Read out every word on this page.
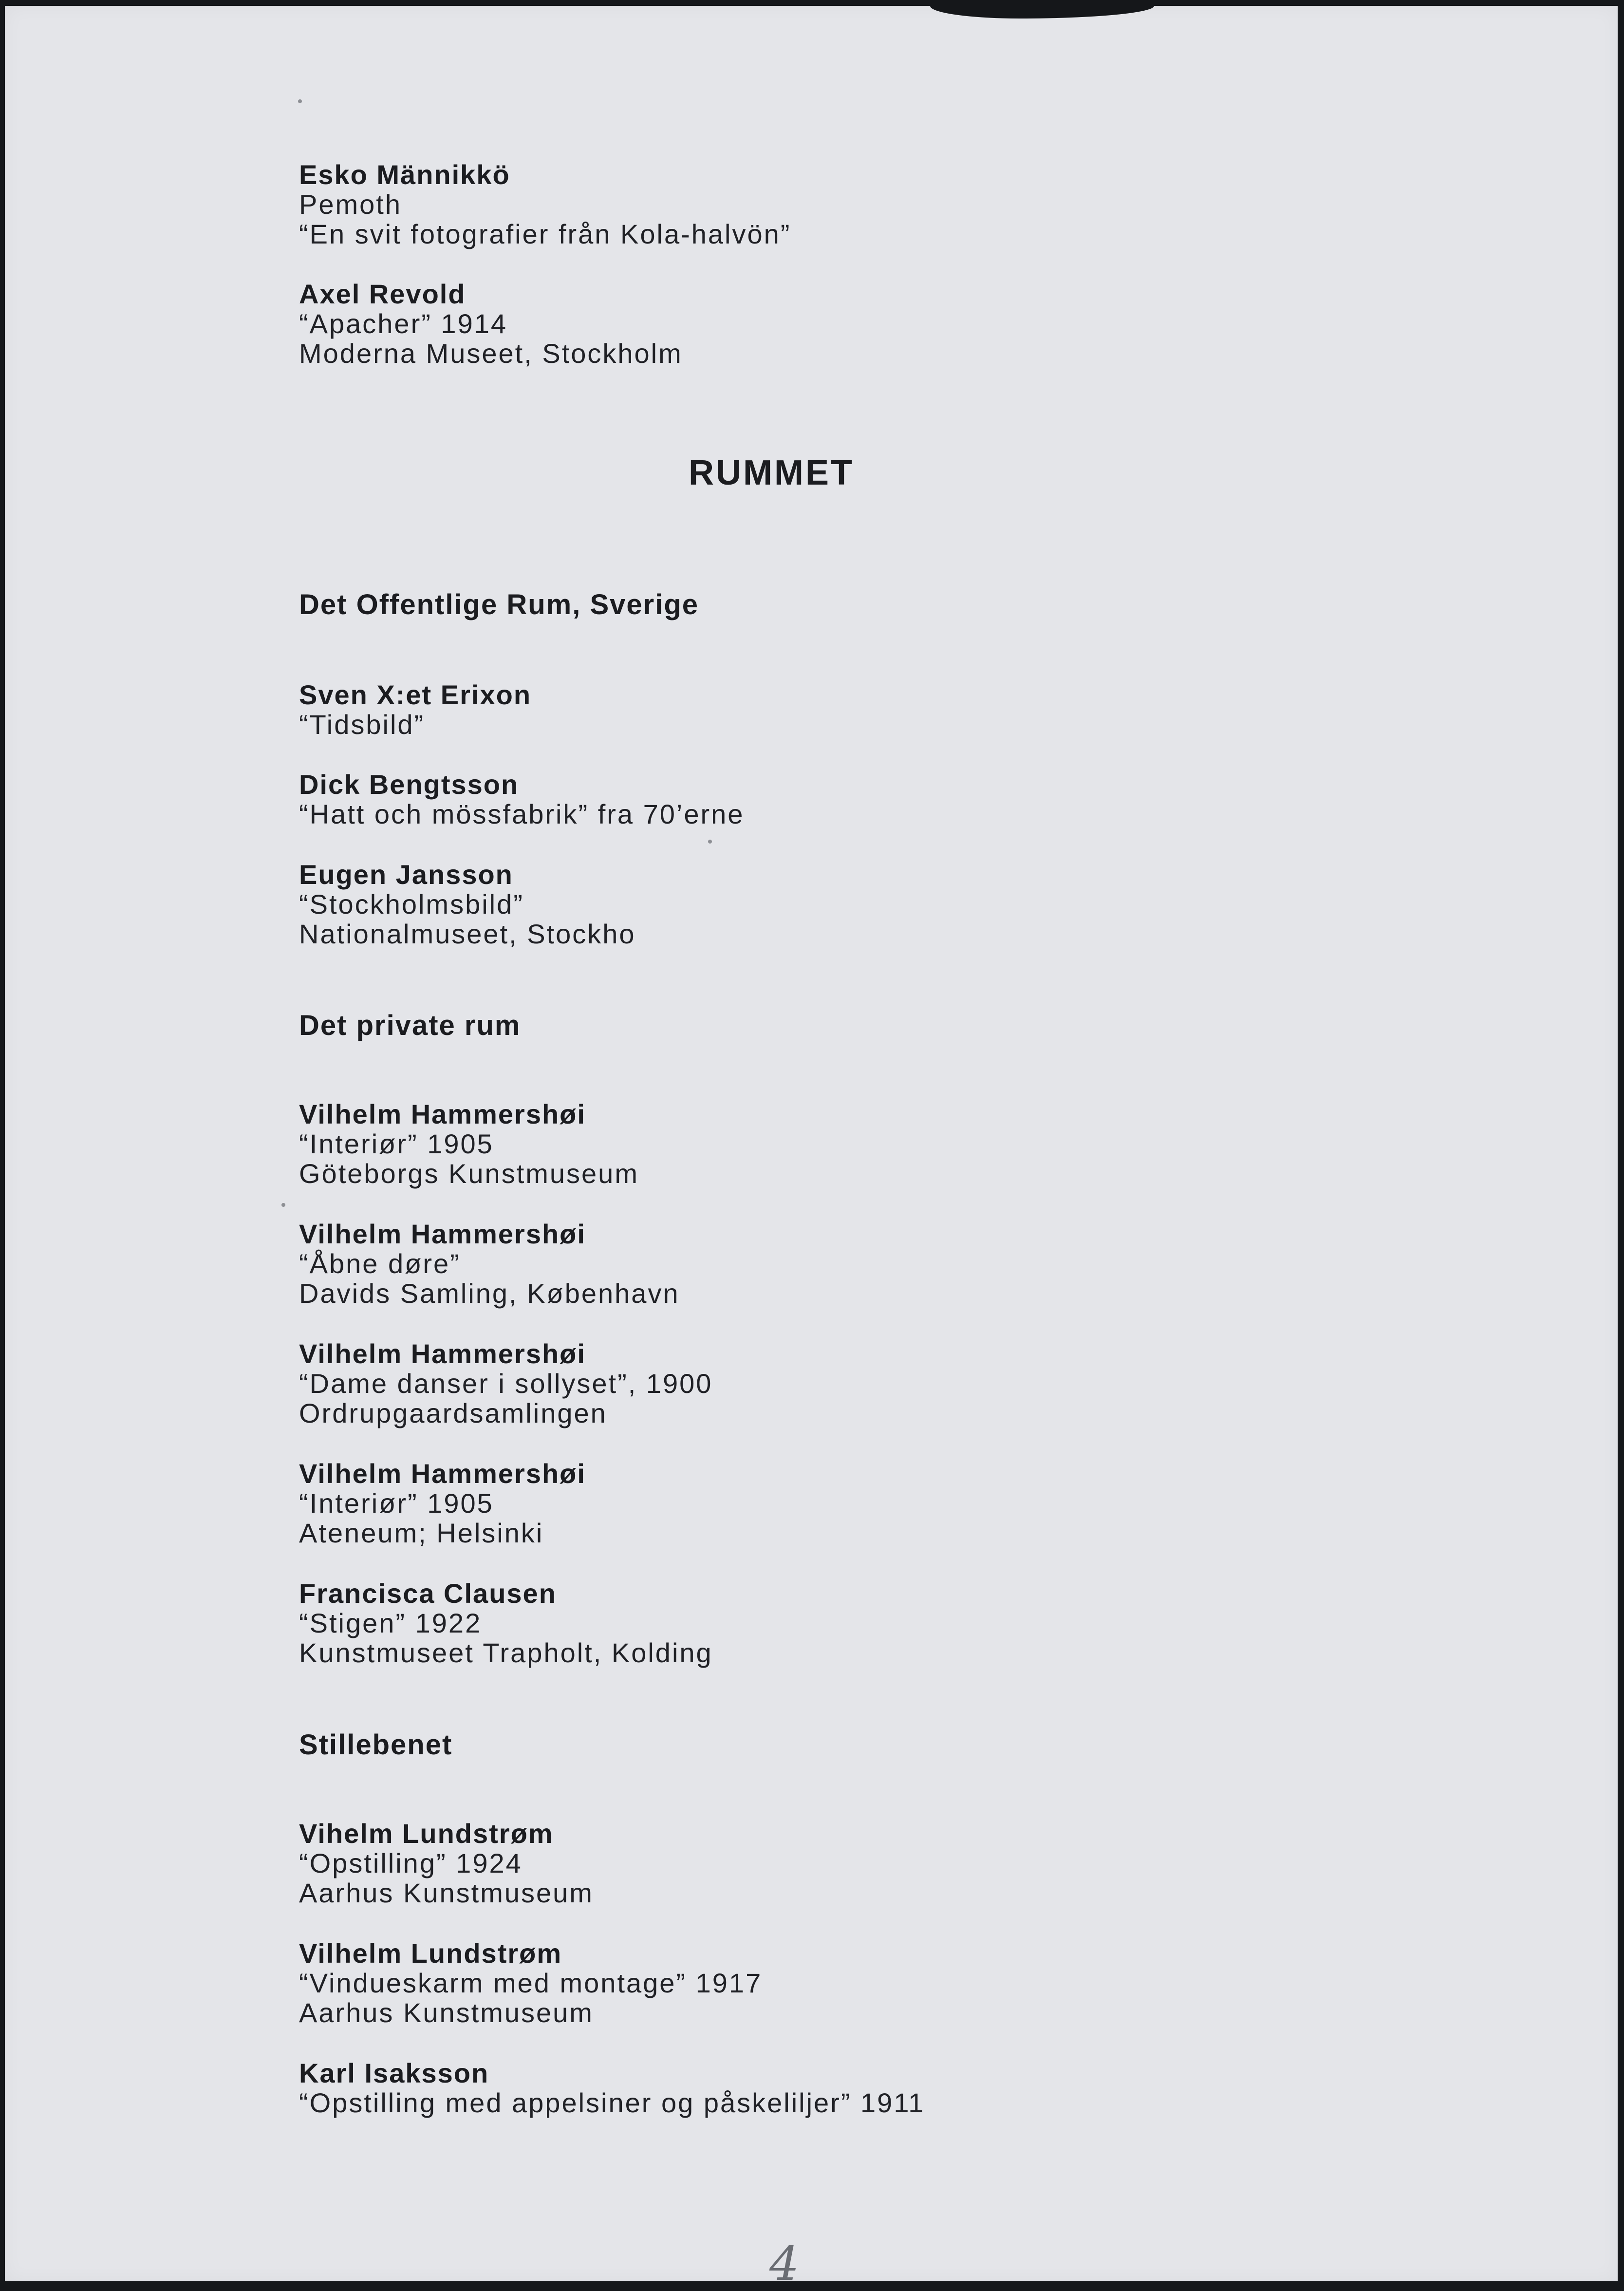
Esko Männikkö
Pemoth
“En svit fotografier från Kola-halvön”
Axel Revold
“Apacher” 1914
Moderna Museet, Stockholm
RUMMET
Det Offentlige Rum, Sverige
Sven X:et Erixon
“Tidsbild”
Dick Bengtsson
“Hatt och mössfabrik” fra 70’erne
Eugen Jansson
“Stockholmsbild”
Nationalmuseet, Stockho
Det private rum
Vilhelm Hammershøi
“Interiør” 1905
Göteborgs Kunstmuseum
Vilhelm Hammershøi
“Åbne døre”
Davids Samling, København
Vilhelm Hammershøi
“Dame danser i sollyset”, 1900
Ordrupgaardsamlingen
Vilhelm Hammershøi
“Interiør” 1905
Ateneum; Helsinki
Francisca Clausen
“Stigen” 1922
Kunstmuseet Trapholt, Kolding
Stillebenet
Vihelm Lundstrøm
“Opstilling” 1924
Aarhus Kunstmuseum
Vilhelm Lundstrøm
“Vindueskarm med montage” 1917
Aarhus Kunstmuseum
Karl Isaksson
“Opstilling med appelsiner og påskeliljer” 1911
4
